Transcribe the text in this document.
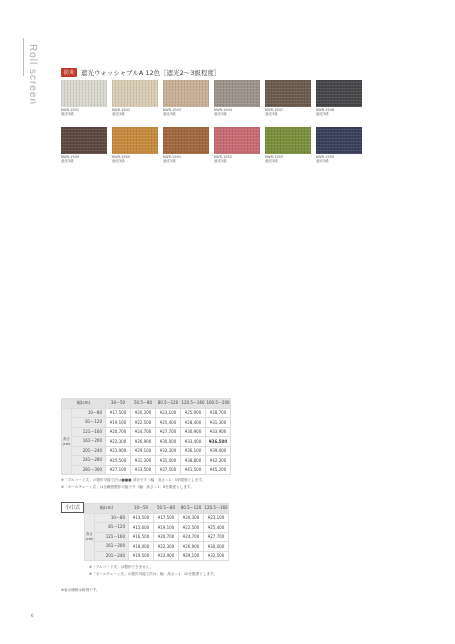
Roll screen	防炎	遮光ウォッシャブルA 12色［遮光2〜3級程度］
KWR-1941
遮光3級
KWR-1942
遮光3級
KWR-1943
遮光3級
KWR-1944
遮光3級
KWR-1947
遮光3級
KWR-1948
遮光3級
KWR-1949
遮光3級
KWR-1950
遮光3級
KWR-1951
遮光2級
KWR-1952
遮光2級
KWR-1953
遮光3級
KWR-1955
遮光3級
幅(cm)		30〜50	50.5〜80	80.5〜120	120.5〜160	160.5〜200
高さ(cm)	10〜80	¥17,500	¥20,300	¥23,100	¥25,900	¥28,700
	81〜120	¥19,100	¥22,500	¥25,400	¥28,400	¥31,300
	121〜160	¥20,700	¥24,700	¥27,700	¥30,900	¥33,900
	161〜200	¥22,300	¥26,900	¥30,000	¥33,400	¥36,500
	201〜240	¥23,900	¥29,100	¥32,300	¥36,100	¥39,400
	241〜280	¥25,500	¥31,300	¥35,000	¥38,800	¥42,300
	281〜300	¥27,100	¥33,500	¥37,500	¥41,500	¥45,200
※「プルコード式」の製作可能寸法は■■■ 部分です（幅・高さ＝1：3を限度とします。
※「ボールチェーン式」は全範囲製作可能です（幅：高さ＝1：6を限度とします。
小巾式	幅(cm)		10〜50	50.5〜80	80.5〜120	120.5〜160
高さ(cm)	10〜80	¥13,500	¥17,500	¥20,300	¥23,100
	81〜120	¥15,000	¥19,100	¥22,500	¥25,400
	121〜160	¥16,500	¥20,700	¥24,700	¥27,700
	161〜200	¥18,000	¥22,300	¥26,900	¥30,000
	201〜240	¥19,500	¥23,900	¥29,100	¥32,500
※「プルコード式」は製作できません。
※「ボールチェーン式」の製作可能寸法は、幅：高さ＝1：10を限度とします。
※表示価格は税別です。
6
